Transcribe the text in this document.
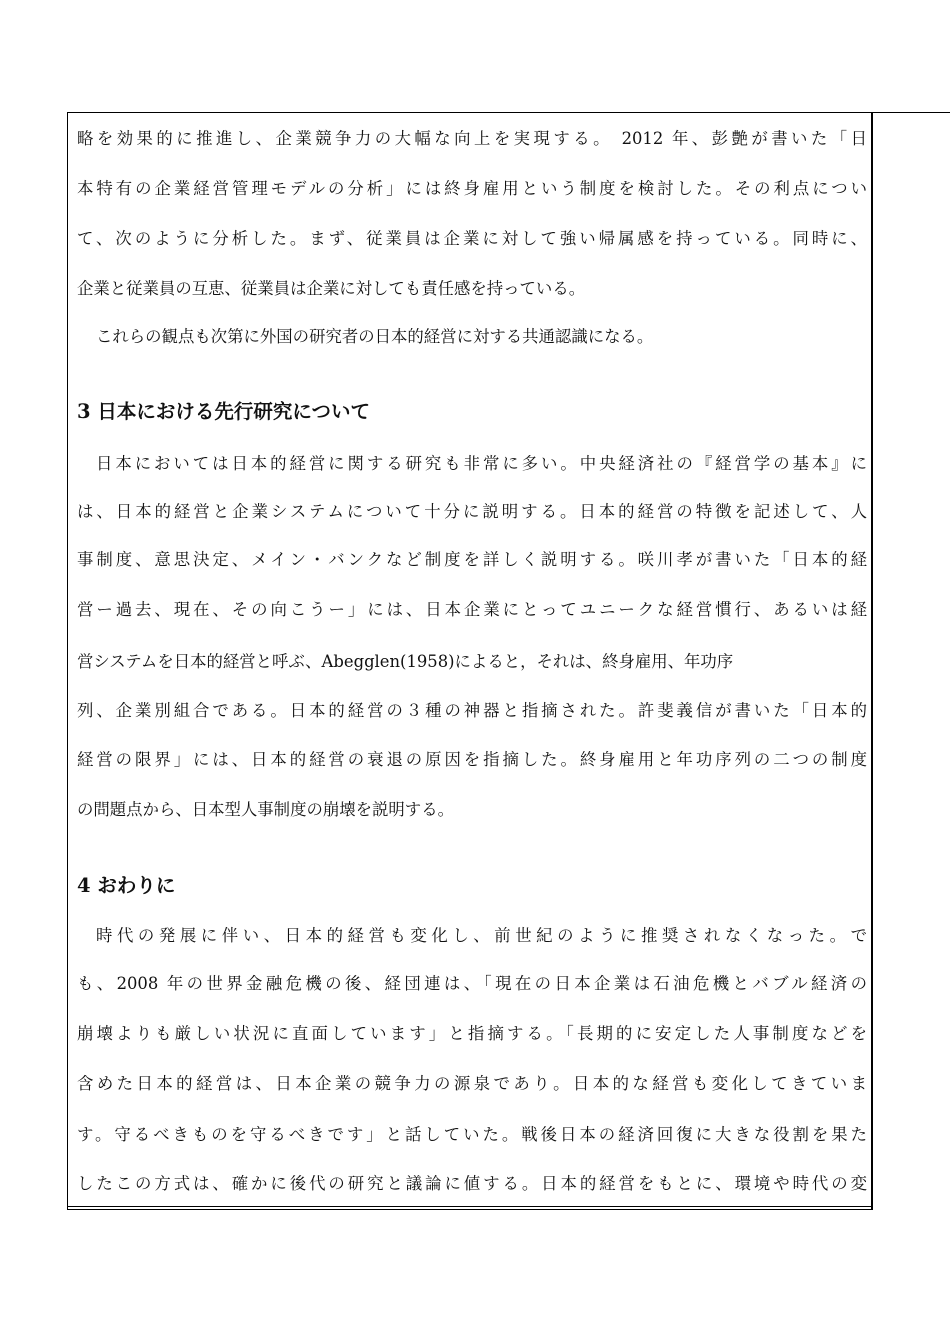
略を効果的に推進し、企業競争力の大幅な向上を実現する。 2012 年、彭艶が書いた「日
本特有の企業経営管理モデルの分析」には終身雇用という制度を検討した。その利点につい
て、次のように分析した。まず、従業員は企業に対して強い帰属感を持っている。同時に、
企業と従業員の互恵、従業員は企業に対しても責任感を持っている。
これらの観点も次第に外国の研究者の日本的経営に対する共通認識になる。
3 日本における先行研究について
日本においては日本的経営に関する研究も非常に多い。中央経済社の『経営学の基本』に
は、日本的経営と企業システムについて十分に説明する。日本的経営の特徴を記述して、人
事制度、意思決定、メイン・バンクなど制度を詳しく説明する。咲川孝が書いた「日本的経
営ー過去、現在、その向こうー」には、日本企業にとってユニークな経営慣行、あるいは経
営システムを日本的経営と呼ぶ、Abegglen(1958)によると，それは、終身雇用、年功序
列、企業別組合である。日本的経営の３種の神器と指摘された。許斐義信が書いた「日本的
経営の限界」には、日本的経営の衰退の原因を指摘した。終身雇用と年功序列の二つの制度
の問題点から、日本型人事制度の崩壊を説明する。
4 おわりに
時代の発展に伴い、日本的経営も変化し、前世紀のように推奨されなくなった。で
も、2008 年の世界金融危機の後、経団連は、「現在の日本企業は石油危機とバブル経済の
崩壊よりも厳しい状況に直面しています」と指摘する。「長期的に安定した人事制度などを
含めた日本的経営は、日本企業の競争力の源泉であり。日本的な経営も変化してきていま
す。守るべきものを守るべきです」と話していた。戦後日本の経済回復に大きな役割を果た
したこの方式は、確かに後代の研究と議論に値する。日本的経営をもとに、環境や時代の変
